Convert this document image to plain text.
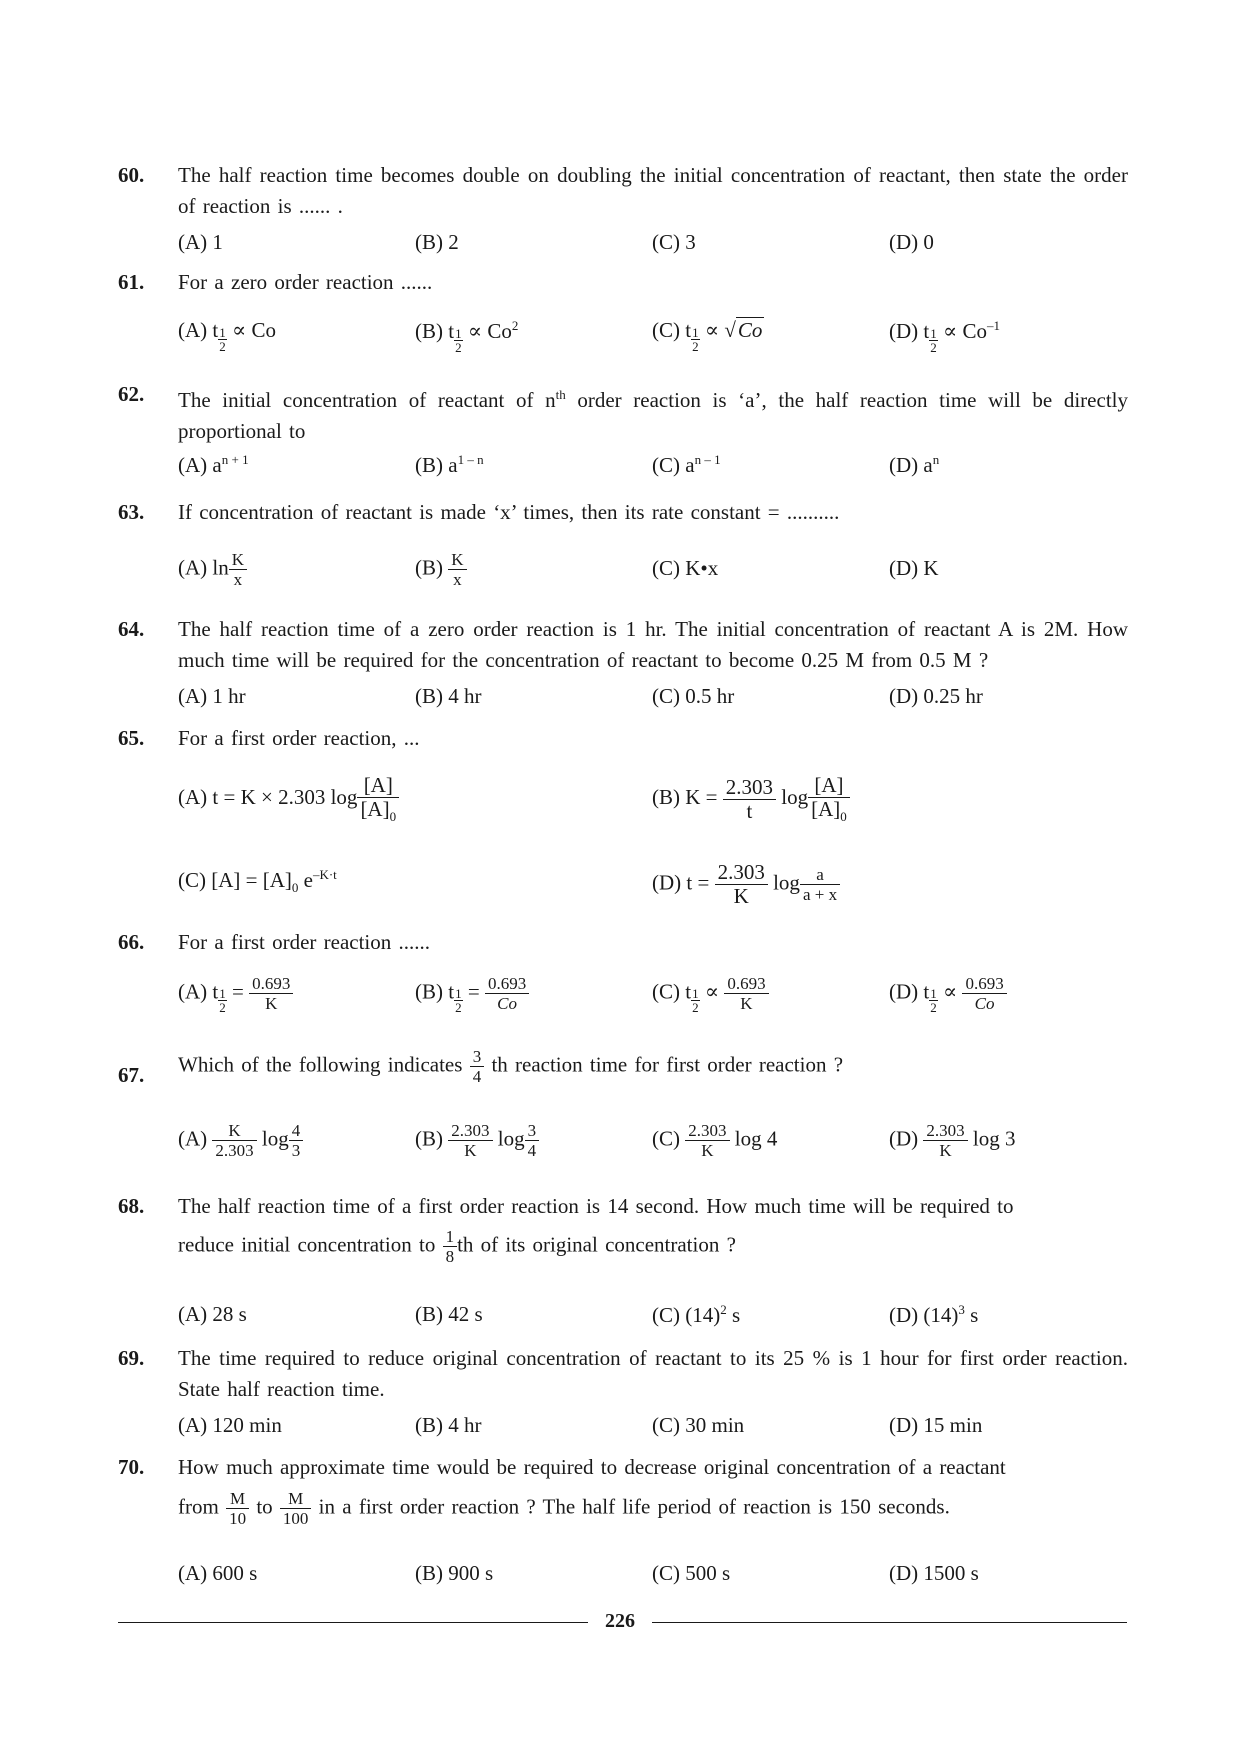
60. The half reaction time becomes double on doubling the initial concentration of reactant, then state the order of reaction is ...... .
(A) 1	(B) 2	(C) 3	(D) 0
61. For a zero order reaction ......
(A) t $\frac{1}{2} \propto Co$	(B) t $\frac{1}{2} \propto Co^2$	(C) t $\frac{1}{2} \propto √Co$	(D) t $\frac{1}{2} \propto Co^{-1}$
62. The initial concentration of reactant of $n^{th}$ order reaction is ‘a’, the half reaction time will be directly proportional to
(A) $a^{n + 1}$	(B) $a^{1 - n}$	(C) $a^{n - 1}$	(D) $a^n$
63. If concentration of reactant is made ‘x’ times, then its rate constant = ..........
(A) $\ln \frac{K}{x}$	$(B) \frac{K}{x}$	(C) K•x	(D) K
64. The half reaction time of a zero order reaction is 1 hr. The initial concentration of reactant A is 2M. How much time will be required for the concentration of reactant to become 0.25 M from 0.5 M ?
(A) 1 hr	(B) 4 hr	(C) 0.5 hr	(D) 0.25 hr
65. For a first order reaction, ...
(A) t = K × 2.303 $\log \frac{[A]}{[A]_0}$	(B) $K = \frac{2.303}{t}$ $\log \frac{[A]}{[A]_0}$
(C) $[A] = [A]_0$ $e^{-K\cdot t}$	(D) $t = \frac{2.303}{K}$ $\log \frac{a}{a + x}$
66. For a first order reaction ......
(A) t $\frac{1}{2} = \frac{0.693}{K}$	(B) t $\frac{1}{2} = \frac{0.693}{Co}$	(C) t $\frac{1}{2} \propto \frac{0.693}{K}$	(D) t $\frac{1}{2} \propto \frac{0.693}{Co}$
67. Which of the following indicates $\frac{3}{4}$ th reaction time for first order reaction ?
$(A) \frac{K}{2.303}$ $\log \frac{4}{3}$	$(B) \frac{2.303}{K}$ $\log \frac{3}{4}$	$(C) \frac{2.303}{K}$ log 4	$(D) \frac{2.303}{K}$ log 3
68. The half reaction time of a first order reaction is 14 second. How much time will be required to
reduce initial concentration to $\frac{1}{8}$ th of its original concentration ?
(A) 28 s	(B) 42 s	(C) $(14)^2$ s	(D) $(14)^3$ s
69. The time required to reduce original concentration of reactant to its 25 % is 1 hour for first order reaction. State half reaction time.
(A) 120 min	(B) 4 hr	(C) 30 min	(D) 15 min
70. How much approximate time would be required to decrease original concentration of a reactant
from $\frac{M}{10}$ to $\frac{M}{100}$ in a first order reaction ? The half life period of reaction is 150 seconds.
(A) 600 s	(B) 900 s	(C) 500 s	(D) 1500 s
226
